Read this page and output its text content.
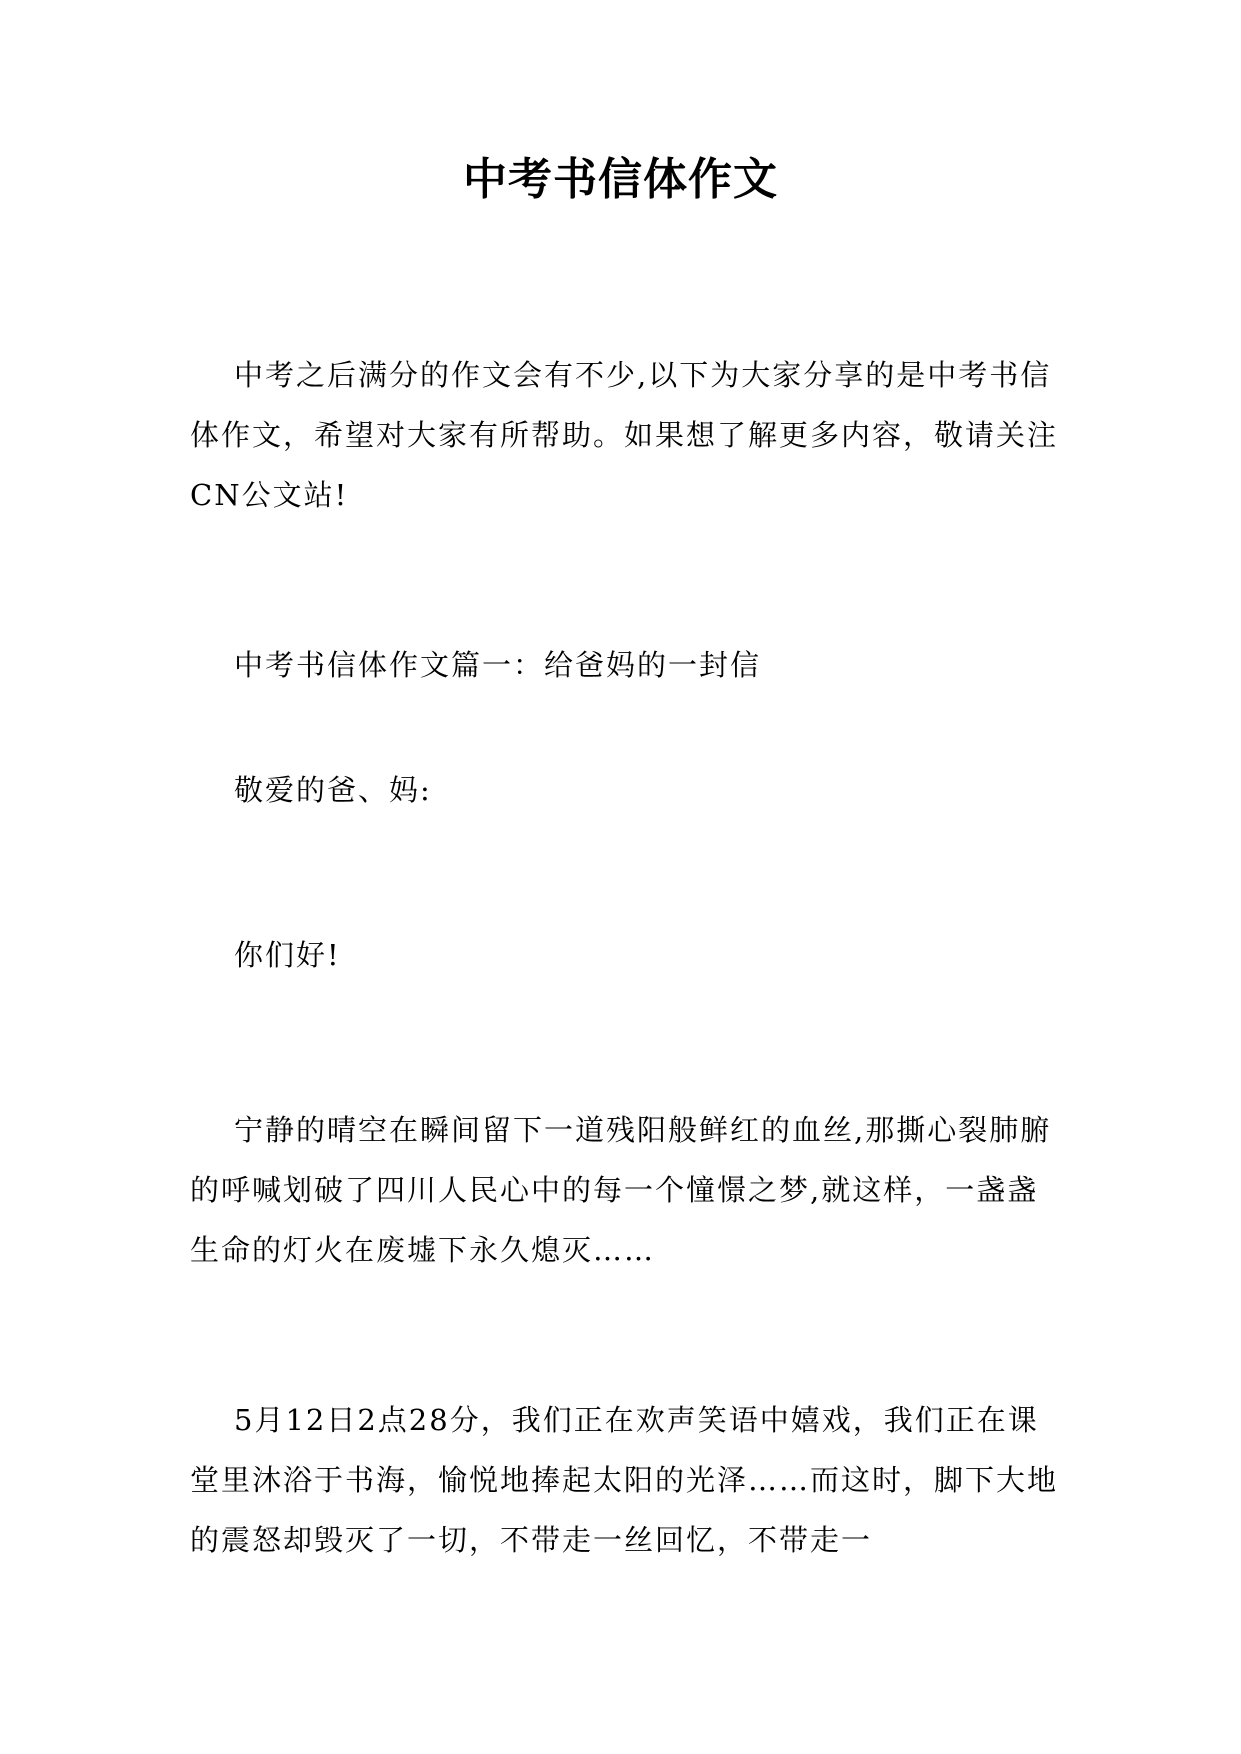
中考书信体作文

中考之后满分的作文会有不少,以下为大家分享的是中考书信体作文，希望对大家有所帮助。如果想了解更多内容，敬请关注CN公文站!

中考书信体作文篇一：给爸妈的一封信

敬爱的爸、妈:

你们好!

宁静的晴空在瞬间留下一道残阳般鲜红的血丝,那撕心裂肺腑的呼喊划破了四川人民心中的每一个憧憬之梦,就这样，一盏盏生命的灯火在废墟下永久熄灭……

5月12日2点28分，我们正在欢声笑语中嬉戏，我们正在课堂里沐浴于书海，愉悦地捧起太阳的光泽……而这时，脚下大地的震怒却毁灭了一切，不带走一丝回忆，不带走一
